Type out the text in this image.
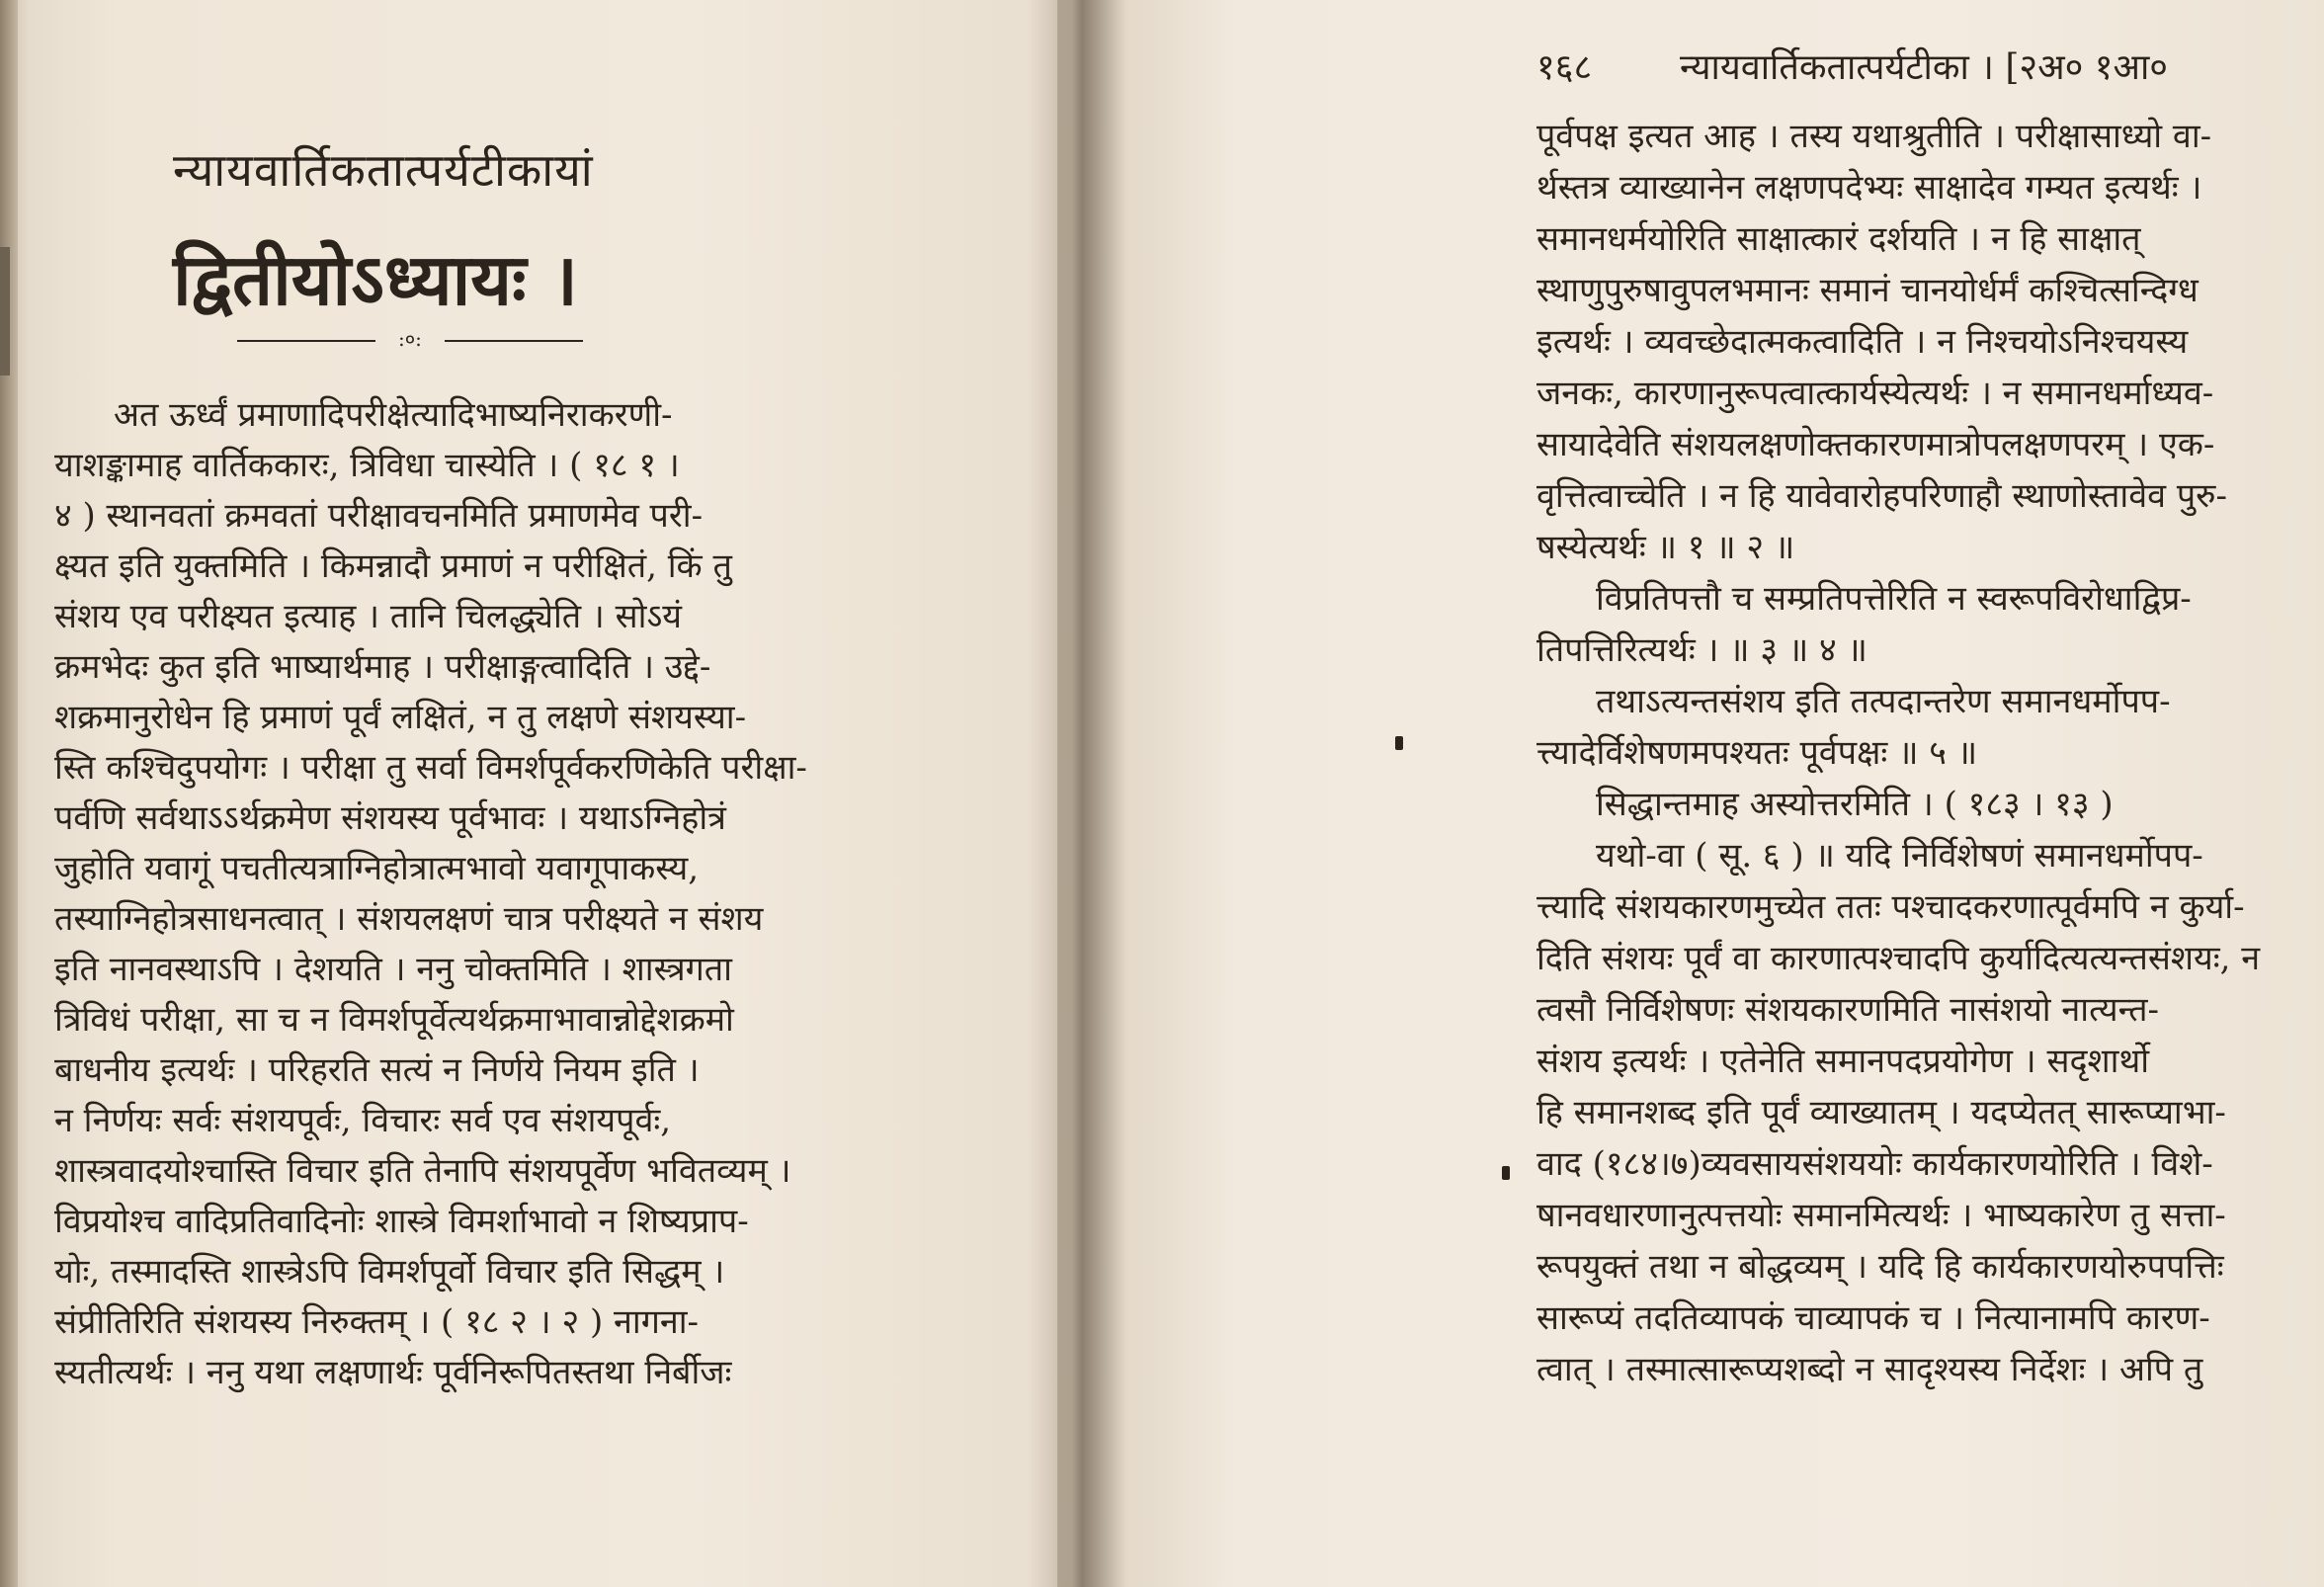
न्यायवार्तिकतात्पर्यटीकायां
द्वितीयोऽध्यायः ।
:०:
अत ऊर्ध्वं प्रमाणादिपरीक्षेत्यादिभाष्यनिराकरणी-
याशङ्कामाह वार्तिककारः, त्रिविधा चास्येति । ( १८ १ ।
४ ) स्थानवतां क्रमवतां परीक्षावचनमिति प्रमाणमेव परी-
क्ष्यत इति युक्तमिति । किमन्नादौ प्रमाणं न परीक्षितं, किं तु
संशय एव परीक्ष्यत इत्याह । तानि चिलद्ध्येति । सोऽयं
क्रमभेदः कुत इति भाष्यार्थमाह । परीक्षाङ्गत्वादिति । उद्दे-
शक्रमानुरोधेन हि प्रमाणं पूर्वं लक्षितं, न तु लक्षणे संशयस्या-
स्ति कश्चिदुपयोगः । परीक्षा तु सर्वा विमर्शपूर्वकरणिकेति परीक्षा-
पर्वणि सर्वथाऽऽर्थक्रमेण संशयस्य पूर्वभावः । यथाऽग्निहोत्रं
जुहोति यवागूं पचतीत्यत्राग्निहोत्रात्मभावो यवागूपाकस्य,
तस्याग्निहोत्रसाधनत्वात् । संशयलक्षणं चात्र परीक्ष्यते न संशय
इति नानवस्थाऽपि । देशयति । ननु चोक्तमिति । शास्त्रगता
त्रिविधं परीक्षा, सा च न विमर्शपूर्वेत्यर्थक्रमाभावान्नोद्देशक्रमो
बाधनीय इत्यर्थः । परिहरति सत्यं न निर्णये नियम इति ।
न निर्णयः सर्वः संशयपूर्वः, विचारः सर्व एव संशयपूर्वः,
शास्त्रवादयोश्चास्ति विचार इति तेनापि संशयपूर्वेण भवितव्यम् ।
विप्रयोश्च वादिप्रतिवादिनोः शास्त्रे विमर्शाभावो न शिष्यप्राप-
योः, तस्मादस्ति शास्त्रेऽपि विमर्शपूर्वो विचार इति सिद्धम् ।
संप्रीतिरिति संशयस्य निरुक्तम् । ( १८ २ । २ ) नागना-
स्यतीत्यर्थः । ननु यथा लक्षणार्थः पूर्वनिरूपितस्तथा निर्बीजः
१६८ न्यायवार्तिकतात्पर्यटीका । [२अ० १आ०
पूर्वपक्ष इत्यत आह । तस्य यथाश्रुतीति । परीक्षासाध्यो वा-
र्थस्तत्र व्याख्यानेन लक्षणपदेभ्यः साक्षादेव गम्यत इत्यर्थः ।
समानधर्मयोरिति साक्षात्कारं दर्शयति । न हि साक्षात्
स्थाणुपुरुषावुपलभमानः समानं चानयोर्धर्मं कश्चित्सन्दिग्ध
इत्यर्थः । व्यवच्छेदात्मकत्वादिति । न निश्चयोऽनिश्चयस्य
जनकः, कारणानुरूपत्वात्कार्यस्येत्यर्थः । न समानधर्माध्यव-
सायादेवेति संशयलक्षणोक्तकारणमात्रोपलक्षणपरम् । एक-
वृत्तित्वाच्चेति । न हि यावेवारोहपरिणाहौ स्थाणोस्तावेव पुरु-
षस्येत्यर्थः ॥ १ ॥ २ ॥
विप्रतिपत्तौ च सम्प्रतिपत्तेरिति न स्वरूपविरोधाद्विप्र-
तिपत्तिरित्यर्थः । ॥ ३ ॥ ४ ॥
तथाऽत्यन्तसंशय इति तत्पदान्तरेण समानधर्मोपप-
त्त्यादेर्विशेषणमपश्यतः पूर्वपक्षः ॥ ५ ॥
सिद्धान्तमाह अस्योत्तरमिति । ( १८३ । १३ )
यथो-वा ( सू. ६ ) ॥ यदि निर्विशेषणं समानधर्मोपप-
त्त्यादि संशयकारणमुच्येत ततः पश्चादकरणात्पूर्वमपि न कुर्या-
दिति संशयः पूर्वं वा कारणात्पश्चादपि कुर्यादित्यत्यन्तसंशयः, न
त्वसौ निर्विशेषणः संशयकारणमिति नासंशयो नात्यन्त-
संशय इत्यर्थः । एतेनेति समानपदप्रयोगेण । सदृशार्थो
हि समानशब्द इति पूर्वं व्याख्यातम् । यदप्येतत् सारूप्याभा-
वाद (१८४।७)व्यवसायसंशययोः कार्यकारणयोरिति । विशे-
षानवधारणानुत्पत्तयोः समानमित्यर्थः । भाष्यकारेण तु सत्ता-
रूपयुक्तं तथा न बोद्धव्यम् । यदि हि कार्यकारणयोरुपपत्तिः
सारूप्यं तदतिव्यापकं चाव्यापकं च । नित्यानामपि कारण-
त्वात् । तस्मात्सारूप्यशब्दो न सादृश्यस्य निर्देशः । अपि तु
